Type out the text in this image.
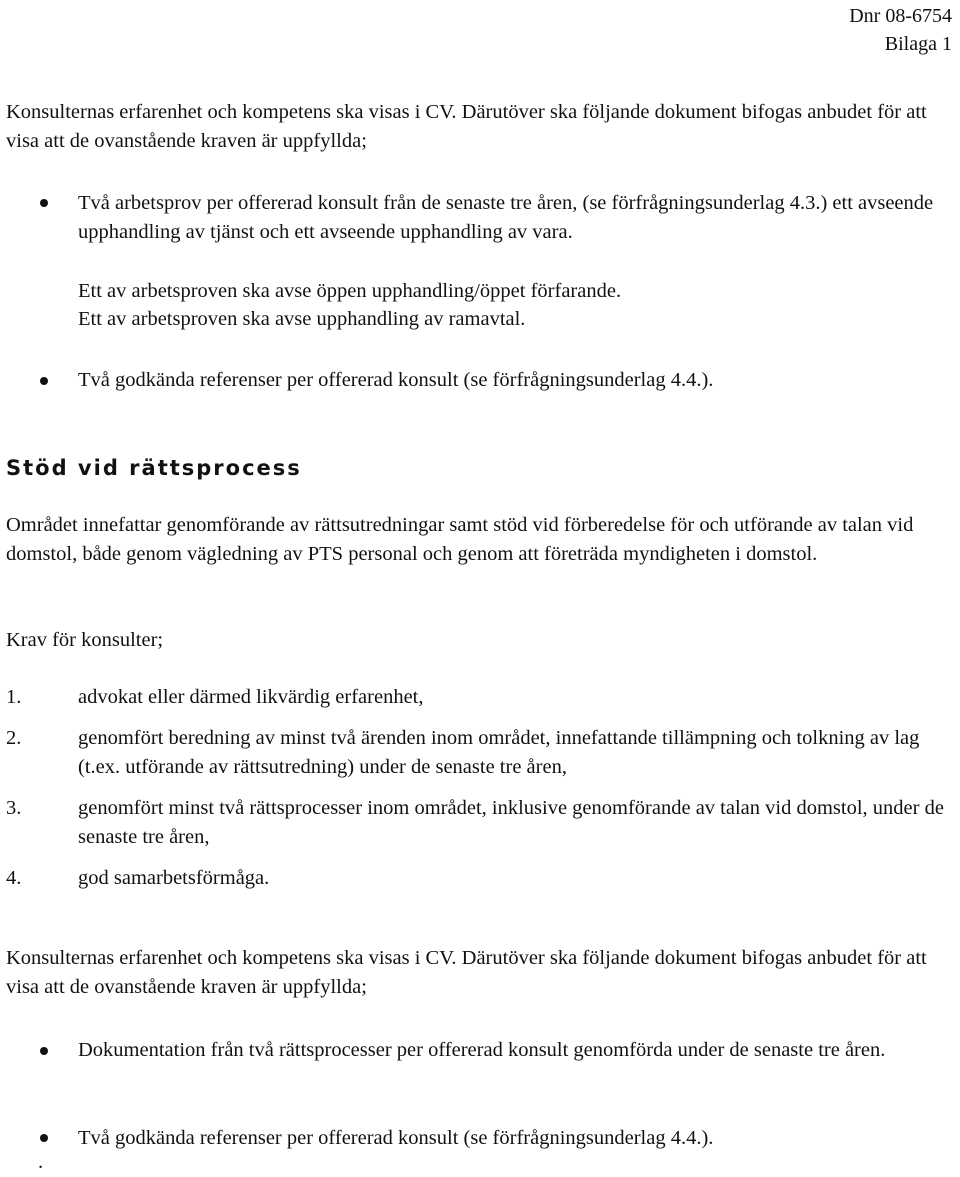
Dnr 08-6754
Bilaga 1
Konsulternas erfarenhet och kompetens ska visas i CV. Därutöver ska följande dokument bifogas anbudet för att visa att de ovanstående kraven är uppfyllda;
Två arbetsprov per offererad konsult från de senaste tre åren, (se förfrågningsunderlag 4.3.) ett avseende upphandling av tjänst och ett avseende upphandling av vara.
Ett av arbetsproven ska avse öppen upphandling/öppet förfarande.
Ett av arbetsproven ska avse upphandling av ramavtal.
Två godkända referenser per offererad konsult (se förfrågningsunderlag 4.4.).
Stöd vid rättsprocess
Området innefattar genomförande av rättsutredningar samt stöd vid förberedelse för och utförande av talan vid domstol, både genom vägledning av PTS personal och genom att företräda myndigheten i domstol.
Krav för konsulter;
1.	advokat eller därmed likvärdig erfarenhet,
2.	genomfört beredning av minst två ärenden inom området, innefattande tillämpning och tolkning av lag (t.ex. utförande av rättsutredning) under de senaste tre åren,
3.	genomfört minst två rättsprocesser inom området, inklusive genomförande av talan vid domstol, under de senaste tre åren,
4.	god samarbetsförmåga.
Konsulternas erfarenhet och kompetens ska visas i CV. Därutöver ska följande dokument bifogas anbudet för att visa att de ovanstående kraven är uppfyllda;
Dokumentation från två rättsprocesser per offererad konsult genomförda under de senaste tre åren.
Två godkända referenser per offererad konsult (se förfrågningsunderlag 4.4.).
.
